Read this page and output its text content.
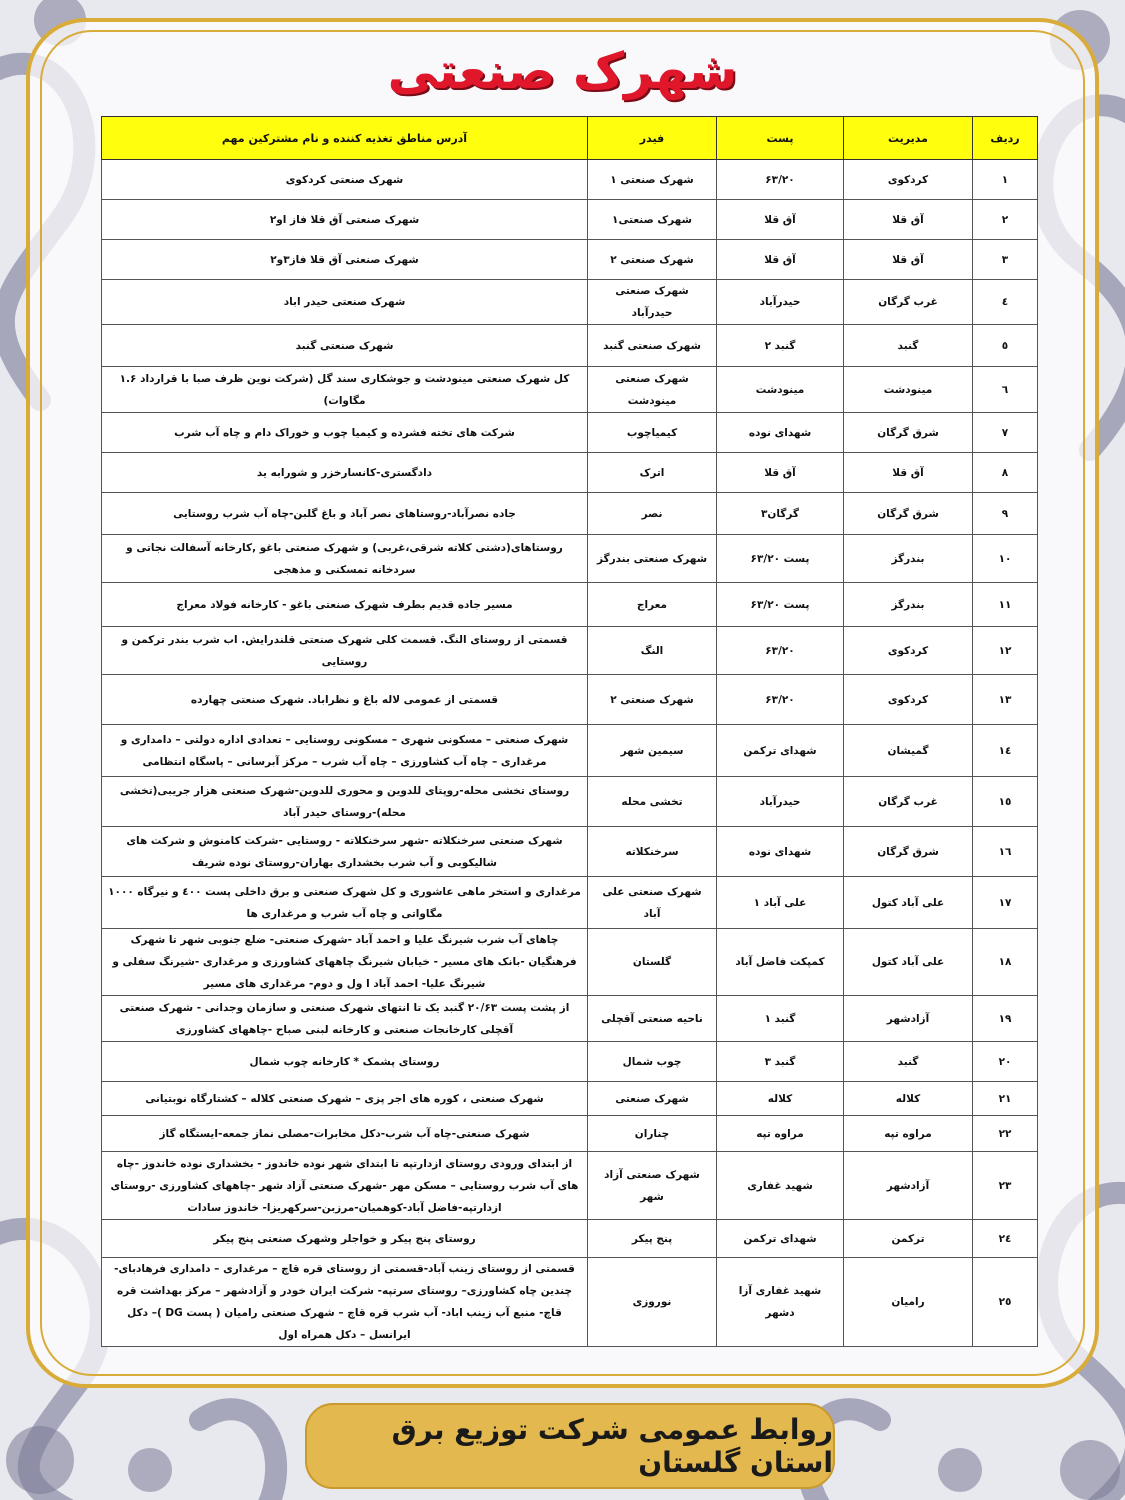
شهرک صنعتی
ردیف	مدیریت	پست	فیدر	آدرس مناطق تغذیه کننده و نام مشترکین مهم
١	کردکوی	۶۳/۲۰	شهرک صنعتی ۱	شهرک صنعتی کردکوی
٢	آق قلا	آق قلا	شهرک صنعتی۱	شهرک صنعتی آق قلا فاز او۲
٣	آق قلا	آق قلا	شهرک صنعتی ۲	شهرک صنعتی آق قلا فاز۳و۲
٤	غرب گرگان	حیدرآباد	شهرک صنعتی حیدرآباد	شهرک صنعتی حیدر اباد
٥	گنبد	گنبد ۲	شهرک صنعتی گنبد	شهرک صنعتی گنبد
٦	مینودشت	مینودشت	شهرک صنعتی مینودشت	کل شهرک صنعتی مینودشت و جوشکاری سند گل (شرکت نوین ظرف صبا با قرارداد ۱.۶ مگاوات)
٧	شرق گرگان	شهدای نوده	کیمیاچوب	شرکت های تخته فشرده و کیمیا چوب و خوراک دام و چاه آب شرب
٨	آق قلا	آق قلا	اترک	دادگستری-کانسارخزر و شورابه ید
٩	شرق گرگان	گرگان۳	نصر	جاده نصرآباد-روستاهای نصر آباد و باغ گلبن-چاه آب شرب روستایی
١٠	بندرگز	پست ۶۳/۲۰	شهرک صنعتی بندرگز	روستاهای(دشتی کلاته شرقی،غربی) و شهرک صنعتی باغو ,کارخانه آسفالت نجاتی و سردخانه تمسکنی و مذهجی
١١	بندرگز	پست ۶۳/۲۰	معراج	مسیر جاده قدیم بطرف شهرک صنعتی باغو - کارخانه فولاد معراج
١٢	کردکوی	۶۳/۲۰	النگ	قسمتی از روستای النگ. قسمت کلی شهرک صنعتی قلندرایش. اب شرب بندر ترکمن و روستایی
١٣	کردکوی	۶۳/۲۰	شهرک صنعتی ۲	قسمتی از عمومی لاله باغ و نظراباد. شهرک صنعتی چهارده
١٤	گمیشان	شهدای ترکمن	سیمین شهر	شهرک صنعتی – مسکونی شهری – مسکونی روستایی – تعدادی اداره دولتی – دامداری و مرغداری – چاه آب کشاورزی – چاه آب شرب – مرکز آبرسانی – پاسگاه انتظامی
١٥	غرب گرگان	حیدرآباد	تخشی محله	روستای تخشی محله-روپتای للدوین و محوری للدوین-شهرک صنعتی هزار جریبی(تخشی محله)-روستای حیدر آباد
١٦	شرق گرگان	شهدای نوده	سرخنکلاته	شهرک صنعتی سرخنکلاته -شهر سرخنکلاته - روستایی -شرکت کامنوش و شرکت های شالیکوبی و آب شرب بخشداری بهاران-روستای نوده شریف
١٧	علی آباد کتول	علی آباد ۱	شهرک صنعتی علی آباد	مرغداری و استخر ماهی عاشوری و کل شهرک صنعتی و برق داخلی پست ٤٠٠ و نیرگاه ١٠٠٠ مگاواتی و چاه آب شرب و مرغداری ها
١٨	علی آباد کتول	کمپکت فاضل آباد	گلستان	چاهای آب شرب شیرنگ علیا و احمد آباد -شهرک صنعتی- ضلع جنوبی شهر تا شهرک فرهنگیان -بانک های مسیر - خیابان شیرنگ چاههای کشاورزی و مرغداری -شیرنگ سفلی و شیرنگ علیا- احمد آباد ا ول و دوم- مرغداری های مسیر
١٩	آزادشهر	گنبد ۱	ناحیه صنعتی آقچلی	از پشت پست ۲۰/۶۳ گنبد یک تا انتهای شهرک صنعتی و سازمان وجدانی - شهرک صنعتی آقچلی کارخانجات صنعتی و کارخانه لبنی صباح -چاههای کشاورزی
٢٠	گنبد	گنبد ۳	چوب شمال	روستای پشمک * کارخانه چوب شمال
٢١	کلاله	کلاله	شهرک صنعتی	شهرک صنعتی ، کوره های اجر پزی – شهرک صنعتی کلاله – کشتارگاه نوبتیانی
٢٢	مراوه تپه	مراوه تپه	چناران	شهرک صنعتی-چاه آب شرب-دکل مخابرات-مصلی نماز جمعه-ایستگاه گاز
٢٣	آزادشهر	شهید غفاری	شهرک صنعتی آزاد شهر	از ابتدای ورودی روستای ازدارتپه تا ابتدای شهر نوده خاندوز - بخشداری نوده خاندوز -چاه های آب شرب روستایی – مسکن مهر -شهرک صنعتی آزاد شهر -چاههای کشاورزی -روستای ازدارتپه-فاضل آباد-کوهمیان-مرزبن-سرکهریزا- خاندوز سادات
٢٤	ترکمن	شهدای ترکمن	پنج پیکر	روستای پنج پیکر و خواجلر وشهرک صنعتی پنج پیکر
٢٥	رامیان	شهید غفاری آزا دشهر	نوروزی	قسمتی از روستای زینب آباد-قسمتی از روستای قره قاچ – مرغداری – دامداری فرهادبای- چندین چاه کشاورزی– روستای سرتپه- شرکت ایران خودر و آزادشهر – مرکز بهداشت قره قاچ- منبع آب زینب اباد- آب شرب قره قاچ – شهرک صنعتی رامیان ( پست DG )– دکل ایرانسل – دکل همراه اول
روابط عمومی شرکت توزیع برق استان گلستان
